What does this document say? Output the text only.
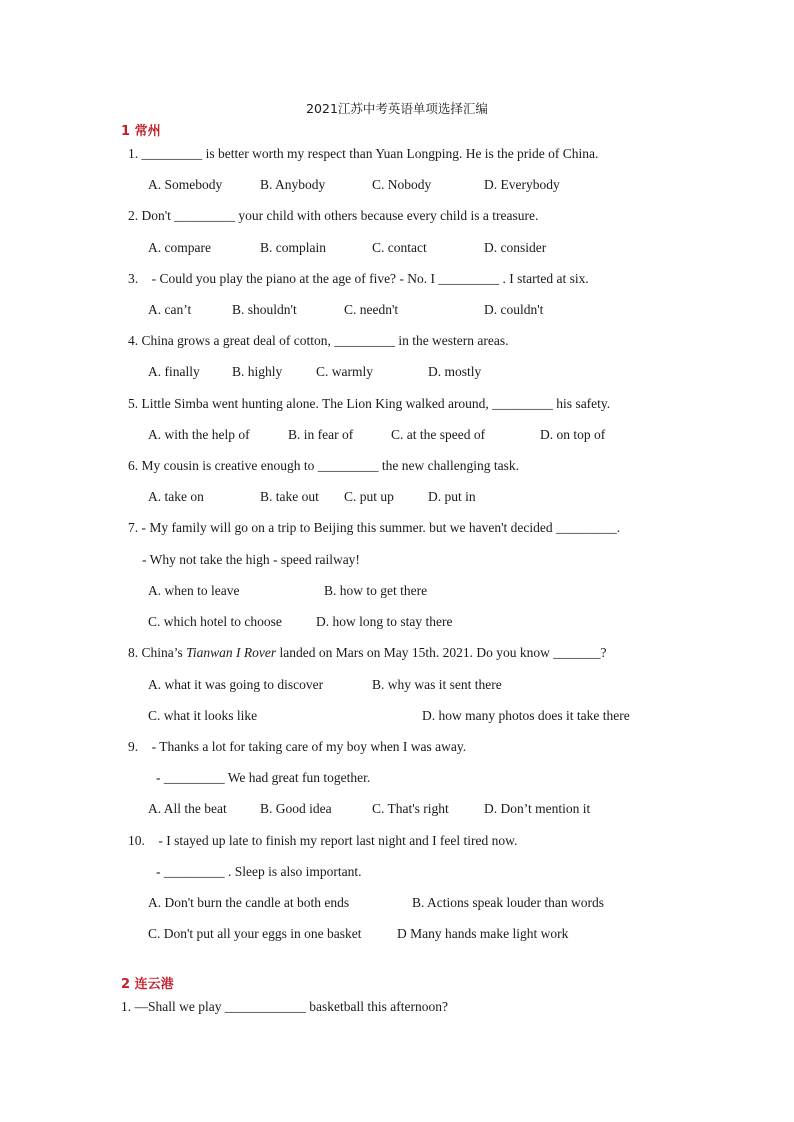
2021江苏中考英语单项选择汇编
1 常州
1. _________ is better worth my respect than Yuan Longping. He is the pride of China.
A. Somebody	B. Anybody	C. Nobody	D. Everybody
2. Don't _________ your child with others because every child is a treasure.
A. compare	B. complain	C. contact	D. consider
3.    - Could you play the piano at the age of five? - No. I _________ . I started at six.
A. can’t	B. shouldn't	C. needn't	D. couldn't
4. China grows a great deal of cotton, _________ in the western areas.
A. finally B. highly C. warmly	D. mostly
5. Little Simba went hunting alone. The Lion King walked around, _________ his safety.
A. with the help of	B. in fear of	C. at the speed of	D. on top of
6. My cousin is creative enough to _________ the new challenging task.
A. take on	B. take out C. put up	D. put in
7. - My family will go on a trip to Beijing this summer. but we haven't decided _________.
- Why not take the high - speed railway!
A. when to leave	B. how to get there
C. which hotel to choose	D. how long to stay there
8. China’s Tianwan I Rover landed on Mars on May 15th. 2021. Do you know _______?
A. what it was going to discover	B. why was it sent there
C. what it looks like	D. how many photos does it take there
9.    - Thanks a lot for taking care of my boy when I was away.
- _________ We had great fun together.
A. All the beat B. Good idea	C. That's right	D. Don’t mention it
10.    - I stayed up late to finish my report last night and I feel tired now.
- _________ . Sleep is also important.
A. Don't burn the candle at both ends	B. Actions speak louder than words
C. Don't put all your eggs in one basket	D Many hands make light work
2 连云港
1. —Shall we play ____________ basketball this afternoon?
